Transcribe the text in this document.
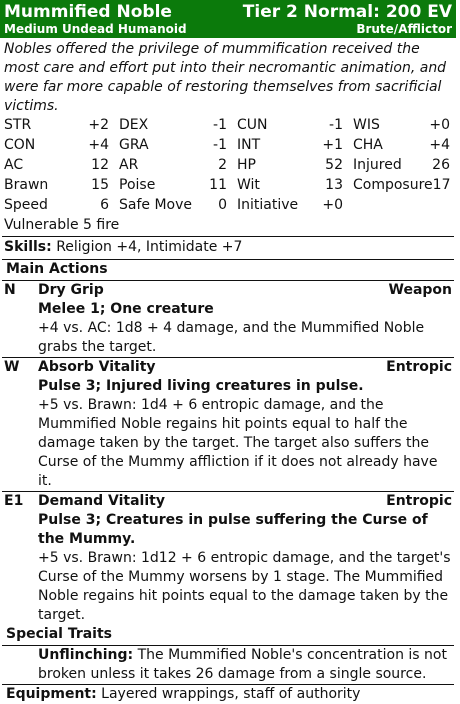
Mummified Noble	Tier 2 Normal: 200 EV
Medium Undead Humanoid	Brute/Afflictor
Nobles offered the privilege of mummification received the most care and effort put into their necromantic animation, and were far more capable of restoring themselves from sacrificial victims.
STR	+2 DEX	-1 CUN	-1 WIS	+0
CON	+4 GRA	-1 INT	+1 CHA	+4
AC	12 AR	2 HP	52 Injured 26
Brawn	15 Poise	11 Wit	13 Composure 17
Speed	6 Safe Move 0 Initiative +0
Vulnerable 5 fire
Skills: Religion +4, Intimidate +7
Main Actions
N	Dry Grip	Weapon
Melee 1; One creature
+4 vs. AC: 1d8 + 4 damage, and the Mummified Noble grabs the target.
W	Absorb Vitality	Entropic
Pulse 3; Injured living creatures in pulse.
+5 vs. Brawn: 1d4 + 6 entropic damage, and the Mummified Noble regains hit points equal to half the damage taken by the target. The target also suffers the Curse of the Mummy affliction if it does not already have it.
E1	Demand Vitality	Entropic
Pulse 3; Creatures in pulse suffering the Curse of the Mummy.
+5 vs. Brawn: 1d12 + 6 entropic damage, and the target's Curse of the Mummy worsens by 1 stage. The Mummified Noble regains hit points equal to the damage taken by the target.
Special Traits
Unflinching: The Mummified Noble's concentration is not broken unless it takes 26 damage from a single source.
Equipment: Layered wrappings, staff of authority
